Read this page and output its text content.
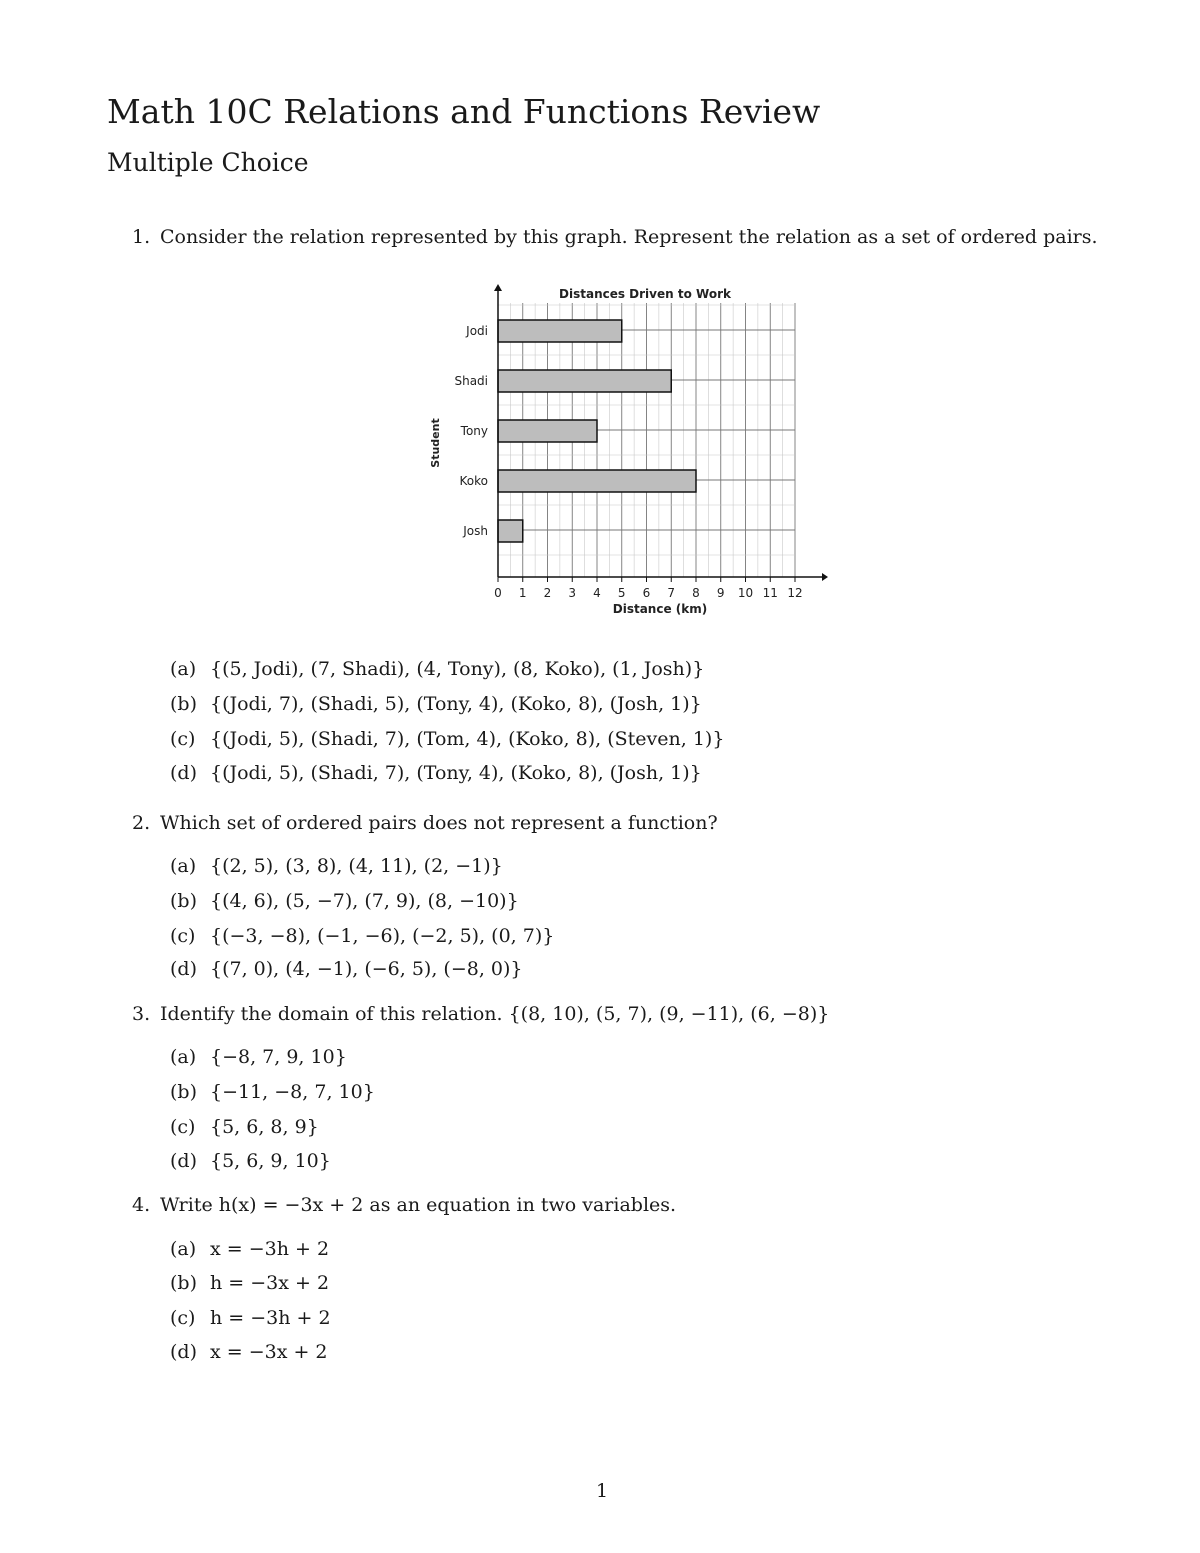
Math 10C Relations and Functions Review
Multiple Choice
1. Consider the relation represented by this graph. Represent the relation as a set of ordered pairs.
Distances Driven to Work
Distance (km)
Student
Jodi
Shadi
Tony
Koko
Josh
0 1 2 3 4 5 6 7 8 9 10 11 12
(a) {(5, Jodi), (7, Shadi), (4, Tony), (8, Koko), (1, Josh)}
(b) {(Jodi, 7), (Shadi, 5), (Tony, 4), (Koko, 8), (Josh, 1)}
(c) {(Jodi, 5), (Shadi, 7), (Tom, 4), (Koko, 8), (Steven, 1)}
(d) {(Jodi, 5), (Shadi, 7), (Tony, 4), (Koko, 8), (Josh, 1)}
2. Which set of ordered pairs does not represent a function?
(a) {(2, 5), (3, 8), (4, 11), (2, −1)}
(b) {(4, 6), (5, −7), (7, 9), (8, −10)}
(c) {(−3, −8), (−1, −6), (−2, 5), (0, 7)}
(d) {(7, 0), (4, −1), (−6, 5), (−8, 0)}
3. Identify the domain of this relation. {(8, 10), (5, 7), (9, −11), (6, −8)}
(a) {−8, 7, 9, 10}
(b) {−11, −8, 7, 10}
(c) {5, 6, 8, 9}
(d) {5, 6, 9, 10}
4. Write h(x) = −3x + 2 as an equation in two variables.
(a) x = −3h + 2
(b) h = −3x + 2
(c) h = −3h + 2
(d) x = −3x + 2
1
